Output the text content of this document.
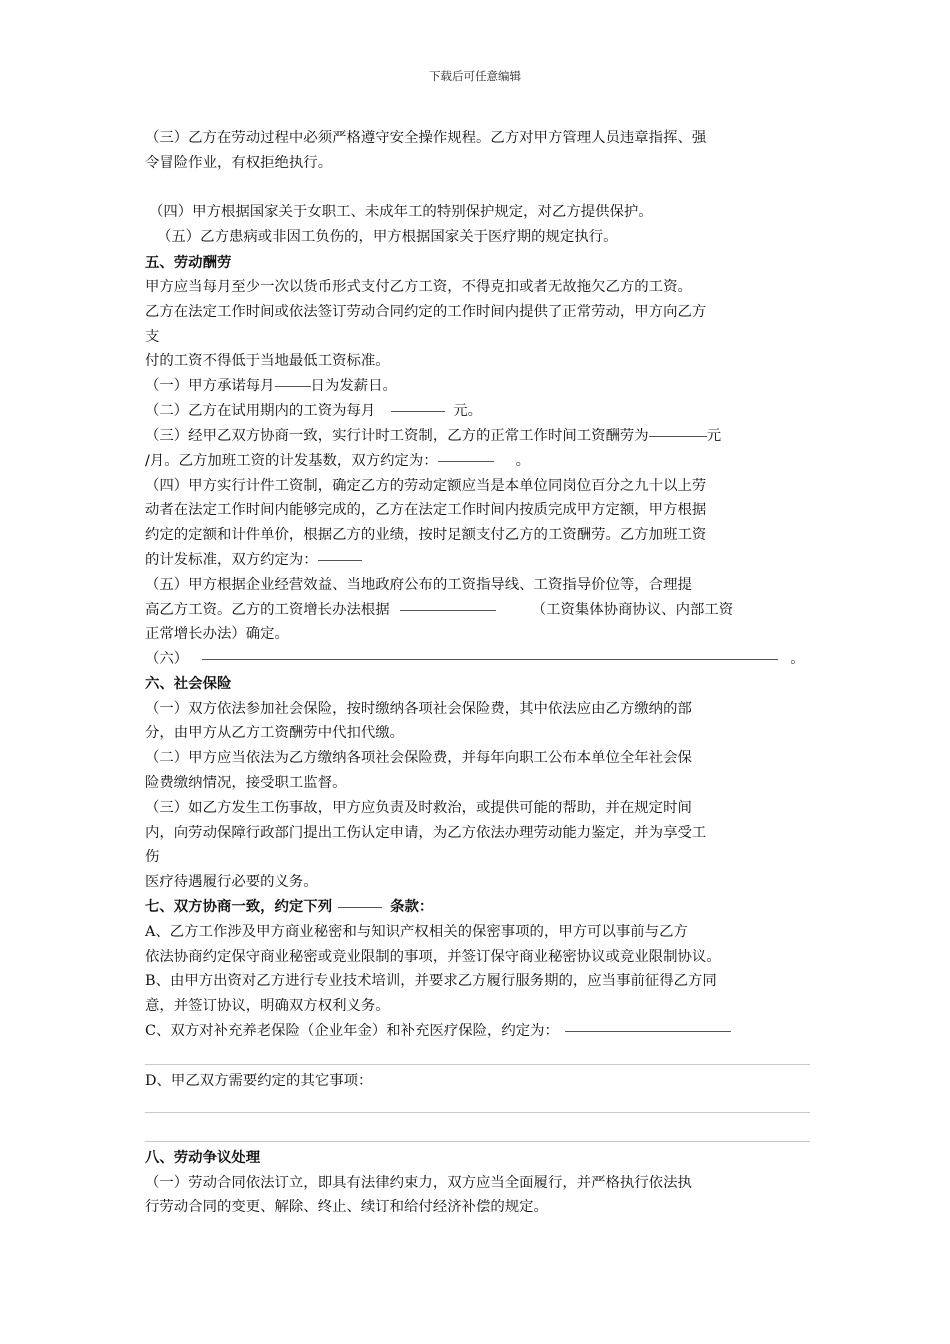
下载后可任意编辑
（三）乙方在劳动过程中必须严格遵守安全操作规程。乙方对甲方管理人员违章指挥、强
令冒险作业，有权拒绝执行。
（四）甲方根据国家关于女职工、未成年工的特别保护规定，对乙方提供保护。
（五）乙方患病或非因工负伤的，甲方根据国家关于医疗期的规定执行。
五、劳动酬劳
甲方应当每月至少一次以货币形式支付乙方工资，不得克扣或者无故拖欠乙方的工资。
乙方在法定工作时间或依法签订劳动合同约定的工作时间内提供了正常劳动，甲方向乙方
支
付的工资不得低于当地最低工资标准。
（一）甲方承诺每月	日为发薪日。
（二）乙方在试用期内的工资为每月	元。
（三）经甲乙双方协商一致，实行计时工资制，乙方的正常工作时间工资酬劳为	元
/月。乙方加班工资的计发基数，双方约定为：	。
（四）甲方实行计件工资制，确定乙方的劳动定额应当是本单位同岗位百分之九十以上劳
动者在法定工作时间内能够完成的，乙方在法定工作时间内按质完成甲方定额，甲方根据
约定的定额和计件单价，根据乙方的业绩，按时足额支付乙方的工资酬劳。乙方加班工资
的计发标准，双方约定为：
（五）甲方根据企业经营效益、当地政府公布的工资指导线、工资指导价位等，合理提
高乙方工资。乙方的工资增长办法根据	（工资集体协商协议、内部工资
正常增长办法）确定。
（六）	。
六、社会保险
（一）双方依法参加社会保险，按时缴纳各项社会保险费，其中依法应由乙方缴纳的部
分，由甲方从乙方工资酬劳中代扣代缴。
（二）甲方应当依法为乙方缴纳各项社会保险费，并每年向职工公布本单位全年社会保
险费缴纳情况，接受职工监督。
（三）如乙方发生工伤事故，甲方应负责及时救治，或提供可能的帮助，并在规定时间
内，向劳动保障行政部门提出工伤认定申请，为乙方依法办理劳动能力鉴定，并为享受工
伤
医疗待遇履行必要的义务。
七、双方协商一致，约定下列	条款：
A、乙方工作涉及甲方商业秘密和与知识产权相关的保密事项的，甲方可以事前与乙方
依法协商约定保守商业秘密或竞业限制的事项，并签订保守商业秘密协议或竞业限制协议。
B、由甲方出资对乙方进行专业技术培训，并要求乙方履行服务期的，应当事前征得乙方同
意，并签订协议，明确双方权利义务。
C、双方对补充养老保险（企业年金）和补充医疗保险，约定为：
D、甲乙双方需要约定的其它事项：
八、劳动争议处理
（一）劳动合同依法订立，即具有法律约束力，双方应当全面履行，并严格执行依法执
行劳动合同的变更、解除、终止、续订和给付经济补偿的规定。
